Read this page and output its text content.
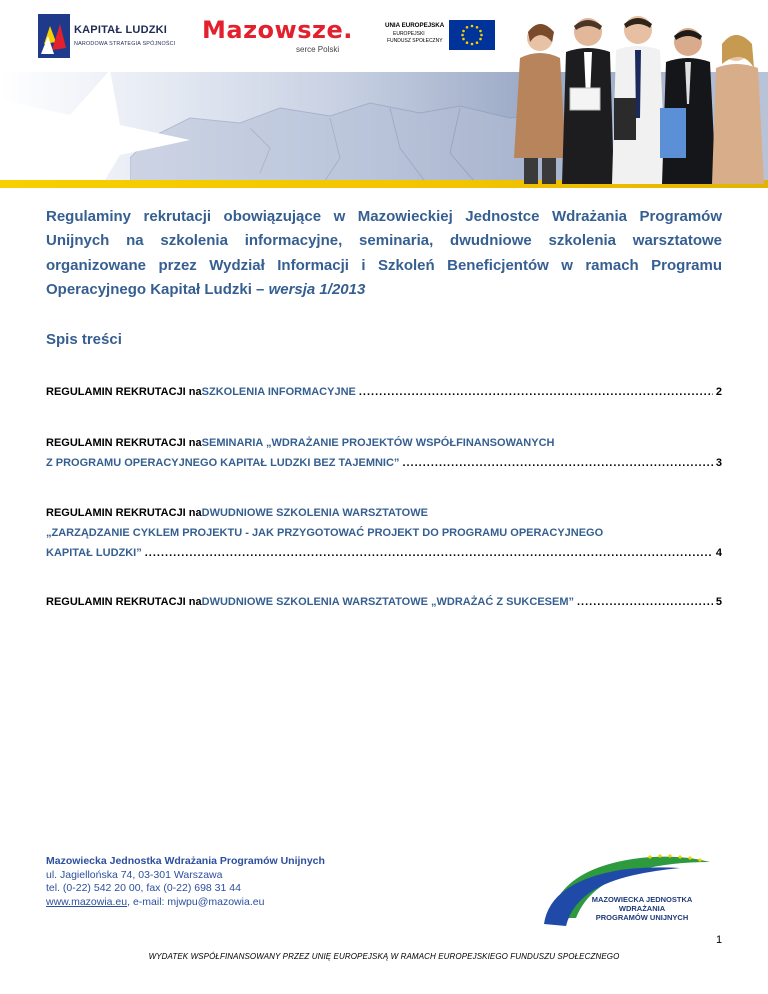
KAPITAŁ LUDZKI
NARODOWA STRATEGIA SPÓJNOŚCI Mazowsze.
serce Polski
UNIA EUROPEJSKA
EUROPEJSKI
FUNDUSZ SPOŁECZNY
Regulaminy rekrutacji obowiązujące w Mazowieckiej Jednostce Wdrażania Programów
Unijnych na szkolenia informacyjne, seminaria, dwudniowe szkolenia warsztatowe
organizowane przez Wydział Informacji i Szkoleń Beneficjentów w ramach Programu
Operacyjnego Kapitał Ludzki – wersja 1/2013
Spis treści
REGULAMIN REKRUTACJI na SZKOLENIA INFORMACYJNE .....	2
REGULAMIN REKRUTACJI na SEMINARIA „WDRAŻANIE PROJEKTÓW WSPÓŁFINANSOWANYCH
Z PROGRAMU OPERACYJNEGO KAPITAŁ LUDZKI BEZ TAJEMNIC” .....	3
REGULAMIN REKRUTACJI na DWUDNIOWE SZKOLENIA WARSZTATOWE
„ZARZĄDZANIE CYKLEM PROJEKTU - JAK PRZYGOTOWAĆ PROJEKT DO PROGRAMU OPERACYJNEGO
KAPITAŁ LUDZKI” .....	4
REGULAMIN REKRUTACJI na DWUDNIOWE SZKOLENIA WARSZTATOWE „WDRAŻAĆ Z SUKCESEM” .....	5
Mazowiecka Jednostka Wdrażania Programów Unijnych
ul. Jagiellońska 74, 03-301 Warszawa
tel. (0-22) 542 20 00, fax (0-22) 698 31 44
www.mazowia.eu, e-mail: mjwpu@mazowia.eu	MAZOWIECKA JEDNOSTKA
WDRAŻANIA
PROGRAMÓW UNIJNYCH
1
WYDATEK WSPÓŁFINANSOWANY PRZEZ UNIĘ EUROPEJSKĄ W RAMACH EUROPEJSKIEGO FUNDUSZU SPOŁECZNEGO
